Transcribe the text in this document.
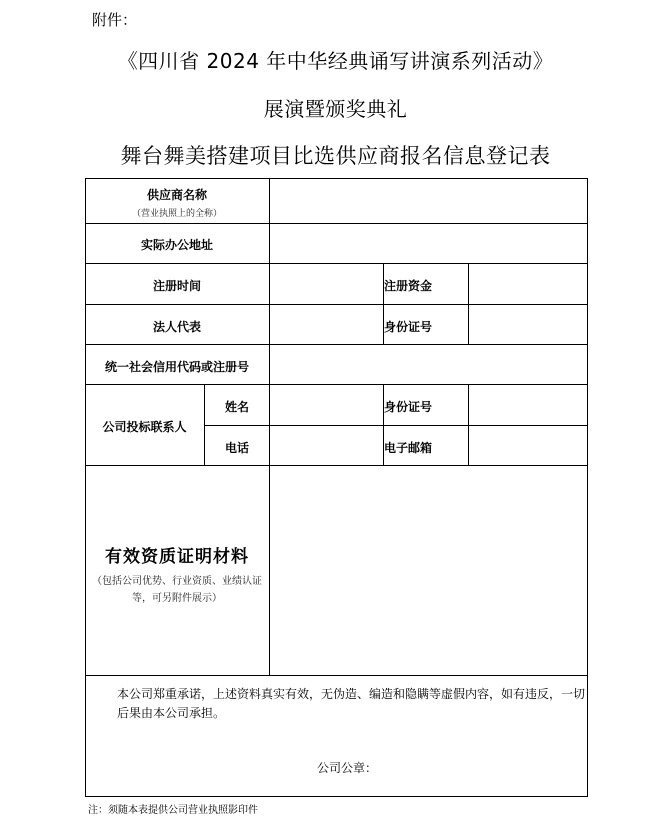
附件：
《四川省 2024 年中华经典诵写讲演系列活动》
展演暨颁奖典礼
舞台舞美搭建项目比选供应商报名信息登记表
供应商名称
（营业执照上的全称）
实际办公地址
注册时间	注册资金
法人代表	身份证号
统一社会信用代码或注册号
公司投标联系人
姓名	身份证号
电话	电子邮箱
有效资质证明材料
（包括公司优势、行业资质、业绩认证
等，可另附件展示）
本公司郑重承诺，上述资料真实有效，无伪造、编造和隐瞒等虚假内容，如有违反，一切
后果由本公司承担。
公司公章：
注：须随本表提供公司营业执照影印件
